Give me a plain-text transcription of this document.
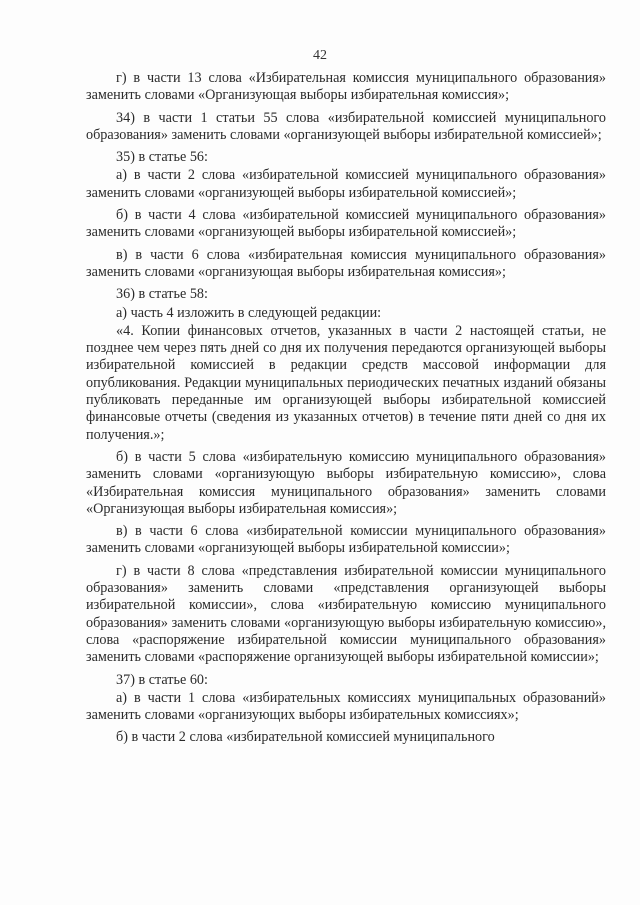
42

г) в части 13 слова «Избирательная комиссия муниципального образования» заменить словами «Организующая выборы избирательная комиссия»;

34) в части 1 статьи 55 слова «избирательной комиссией муниципального образования» заменить словами «организующей выборы избирательной комиссией»;

35) в статье 56:

а) в части 2 слова «избирательной комиссией муниципального образования» заменить словами «организующей выборы избирательной комиссией»;

б) в части 4 слова «избирательной комиссией муниципального образования» заменить словами «организующей выборы избирательной комиссией»;

в) в части 6 слова «избирательная комиссия муниципального образования» заменить словами «организующая выборы избирательная комиссия»;

36) в статье 58:

а) часть 4 изложить в следующей редакции:

«4. Копии финансовых отчетов, указанных в части 2 настоящей статьи, не позднее чем через пять дней со дня их получения передаются организующей выборы избирательной комиссией в редакции средств массовой информации для опубликования. Редакции муниципальных периодических печатных изданий обязаны публиковать переданные им организующей выборы избирательной комиссией финансовые отчеты (сведения из указанных отчетов) в течение пяти дней со дня их получения.»;

б) в части 5 слова «избирательную комиссию муниципального образования» заменить словами «организующую выборы избирательную комиссию», слова «Избирательная комиссия муниципального образования» заменить словами «Организующая выборы избирательная комиссия»;

в) в части 6 слова «избирательной комиссии муниципального образования» заменить словами «организующей выборы избирательной комиссии»;

г) в части 8 слова «представления избирательной комиссии муниципального образования» заменить словами «представления организующей выборы избирательной комиссии», слова «избирательную комиссию муниципального образования» заменить словами «организующую выборы избирательную комиссию», слова «распоряжение избирательной комиссии муниципального образования» заменить словами «распоряжение организующей выборы избирательной комиссии»;

37) в статье 60:

а) в части 1 слова «избирательных комиссиях муниципальных образований» заменить словами «организующих выборы избирательных комиссиях»;

б) в части 2 слова «избирательной комиссией муниципального
